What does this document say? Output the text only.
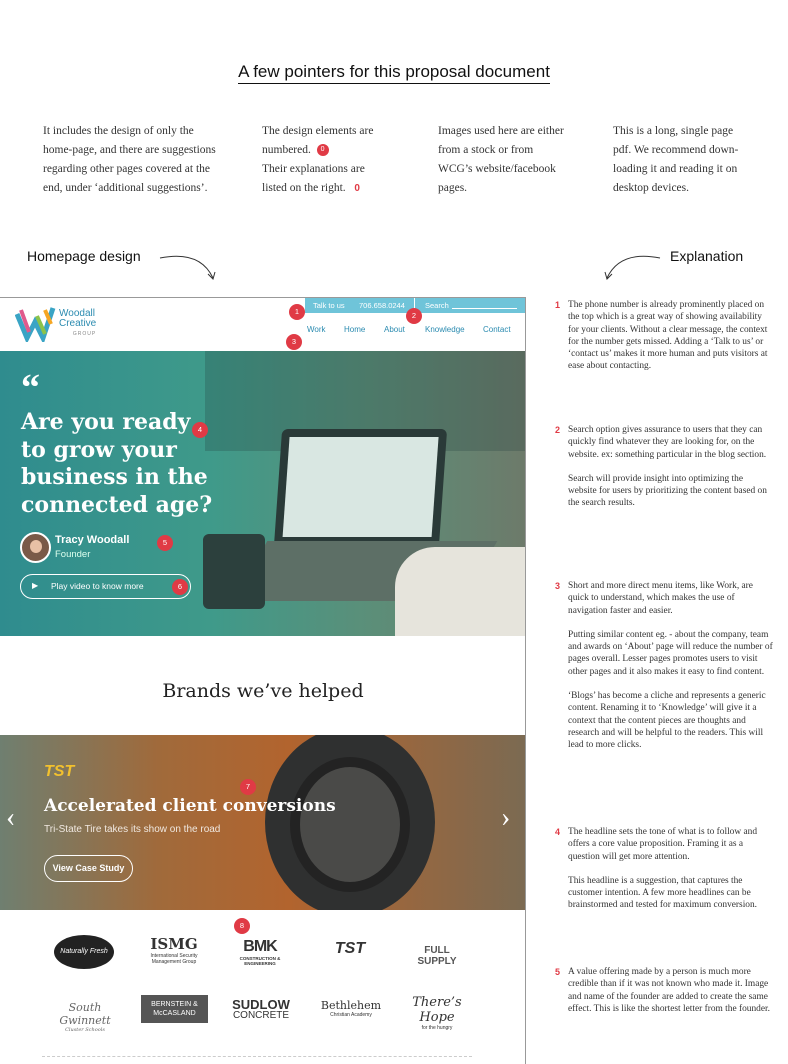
A few pointers for this proposal document
It includes the design of only the
home-page, and there are suggestions
regarding other pages covered at the
end, under ‘additional suggestions’.
The design elements are
numbered. 0
Their explanations are
listed on the right. 0
Images used here are either
from a stock or from
WCG’s website/facebook
pages.
This is a long, single page
pdf. We recommend down-
loading it and reading it on
desktop devices.
Homepage design	Explanation
Woodall
Creative
GROUP
Talk to us 706.658.0244	Search
Work Home About	Knowledge Contact
“
Are you ready
to grow your
business in the
connected age?
Tracy Woodall
Founder
▶ Play video to know more
Brands we’ve helped
TST
Accelerated client conversions
Tri-State Tire takes its show on the road
View Case Study
‹	›
Naturally Fresh	ISMG
International Security Management Group
BMK
CONSTRUCTION & ENGINEERING
TST	FULL SUPPLY
South Gwinnett
Cluster Schools
BERNSTEIN & McCASLAND
SUDLOW
CONCRETE
Bethlehem
Christian Academy
There’s Hope
for the hungry
1	2
3
4
5
6
7
8
1 The phone number is already prominently placed on the top which is a great way of showing availability for your clients. Without a clear message, the context for the number gets missed. Adding a ‘Talk to us’ or ‘contact us’ makes it more human and puts visitors at ease about contacting.

2 Search option gives assurance to users that they can quickly find whatever they are looking for, on the website. ex: something particular in the blog section.

Search will provide insight into optimizing the website for users by prioritizing the content based on the search results.

3 Short and more direct menu items, like Work, are quick to understand, which makes the use of navigation faster and easier.

Putting similar content eg. - about the company, team and awards on ‘About’ page will reduce the number of pages overall. Lesser pages promotes users to visit other pages and it also makes it easy to find content.

‘Blogs’ has become a cliche and represents a generic content. Renaming it to ‘Knowledge’ will give it a context that the content pieces are thoughts and research and will be helpful to the readers. This will lead to more clicks.

4 The headline sets the tone of what is to follow and offers a core value proposition. Framing it as a question will get more attention.

This headline is a suggestion, that captures the customer intention. A few more headlines can be brainstormed and tested for maximum conversion.

5 A value offering made by a person is much more credible than if it was not known who made it. Image and name of the founder are added to create the same effect. This is like the shortest letter from the founder.
